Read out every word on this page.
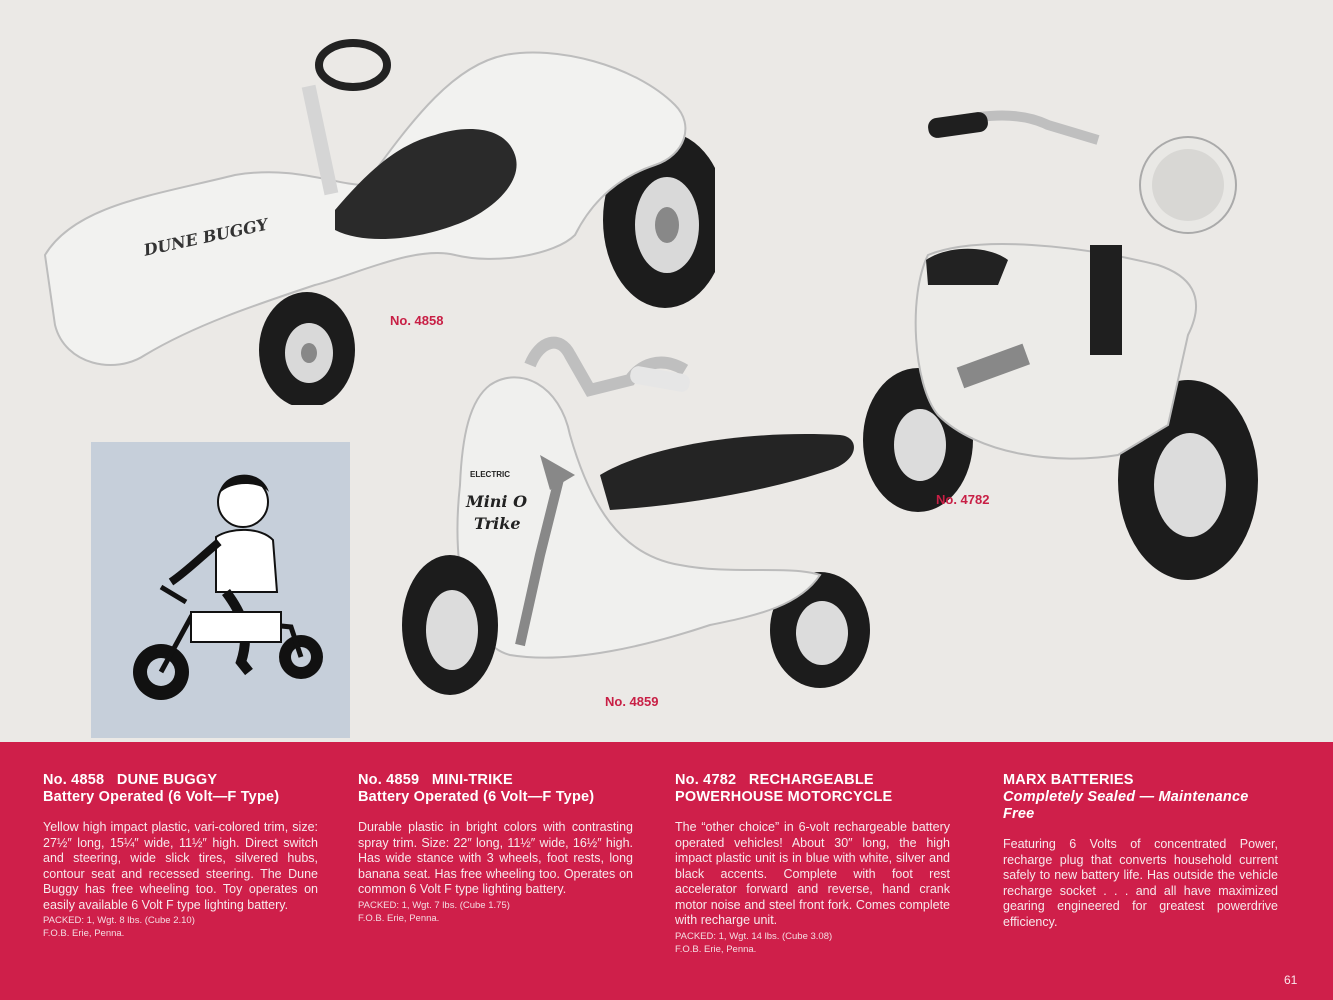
DUNE BUGGY
No. 4858
ELECTRIC
Mini O
Trike
No. 4859
No. 4782

No. 4858   DUNE BUGGY

Battery Operated (6 Volt—F Type)

Yellow high impact plastic, vari-colored trim, size: 27½″ long, 15¼″ wide, 11½″ high. Direct switch and steering, wide slick tires, silvered hubs, contour seat and recessed steering. The Dune Buggy has free wheeling too. Toy operates on easily available 6 Volt F type lighting battery.
PACKED: 1, Wgt. 8 lbs. (Cube 2.10)
F.O.B. Erie, Penna.

No. 4859   MINI-TRIKE

Battery Operated (6 Volt—F Type)

Durable plastic in bright colors with contrasting spray trim. Size: 22″ long, 11½″ wide, 16½″ high. Has wide stance with 3 wheels, foot rests, long banana seat. Has free wheeling too. Operates on common 6 Volt F type lighting battery.
PACKED: 1, Wgt. 7 lbs. (Cube 1.75)
F.O.B. Erie, Penna.

No. 4782   RECHARGEABLE

POWERHOUSE MOTORCYCLE

The “other choice” in 6-volt rechargeable battery operated vehicles! About 30″ long, the high impact plastic unit is in blue with white, silver and black accents. Complete with foot rest accelerator forward and reverse, hand crank motor noise and steel front fork. Comes complete with recharge unit.
PACKED: 1, Wgt. 14 lbs. (Cube 3.08)
F.O.B. Erie, Penna.

MARX BATTERIES

Completely Sealed — Maintenance Free

Featuring 6 Volts of concentrated Power, recharge plug that converts household current safely to new battery life. Has outside the vehicle recharge socket . . . and all have maximized gearing engineered for greatest powerdrive efficiency.
61
